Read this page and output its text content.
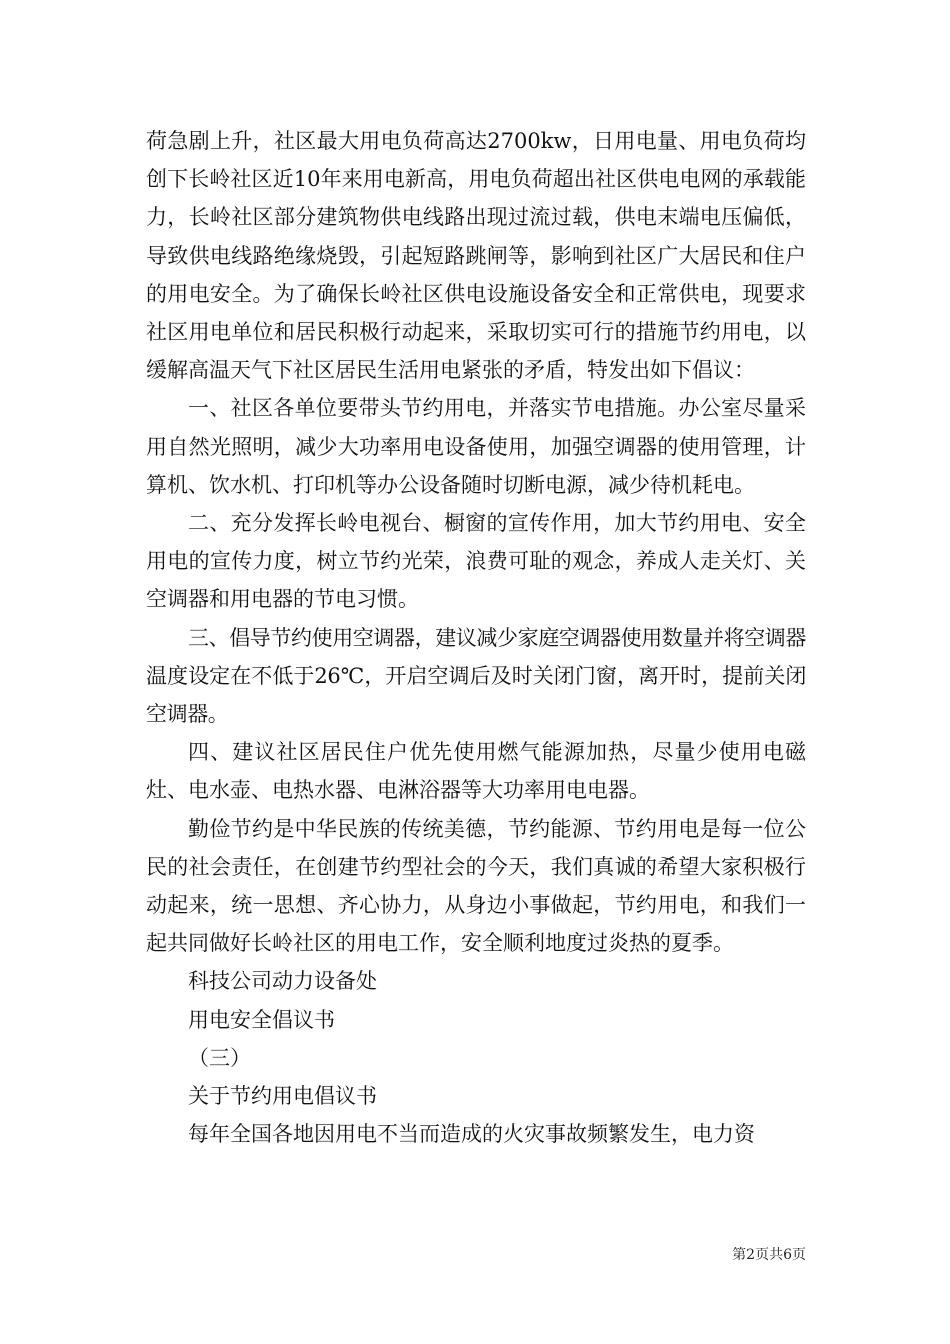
荷急剧上升，社区最大用电负荷高达2700kw，日用电量、用电负荷均创下长岭社区近10年来用电新高，用电负荷超出社区供电电网的承载能力，长岭社区部分建筑物供电线路出现过流过载，供电末端电压偏低，导致供电线路绝缘烧毁，引起短路跳闸等，影响到社区广大居民和住户的用电安全。为了确保长岭社区供电设施设备安全和正常供电，现要求社区用电单位和居民积极行动起来，采取切实可行的措施节约用电，以缓解高温天气下社区居民生活用电紧张的矛盾，特发出如下倡议：

一、社区各单位要带头节约用电，并落实节电措施。办公室尽量采用自然光照明，减少大功率用电设备使用，加强空调器的使用管理，计算机、饮水机、打印机等办公设备随时切断电源，减少待机耗电。

二、充分发挥长岭电视台、橱窗的宣传作用，加大节约用电、安全用电的宣传力度，树立节约光荣，浪费可耻的观念，养成人走关灯、关空调器和用电器的节电习惯。

三、倡导节约使用空调器，建议减少家庭空调器使用数量并将空调器温度设定在不低于26℃，开启空调后及时关闭门窗，离开时，提前关闭空调器。

四、建议社区居民住户优先使用燃气能源加热，尽量少使用电磁灶、电水壶、电热水器、电淋浴器等大功率用电电器。

勤俭节约是中华民族的传统美德，节约能源、节约用电是每一位公民的社会责任，在创建节约型社会的今天，我们真诚的希望大家积极行动起来，统一思想、齐心协力，从身边小事做起，节约用电，和我们一起共同做好长岭社区的用电工作，安全顺利地度过炎热的夏季。

科技公司动力设备处

用电安全倡议书

（三）

关于节约用电倡议书

每年全国各地因用电不当而造成的火灾事故频繁发生，电力资

第2页共6页
